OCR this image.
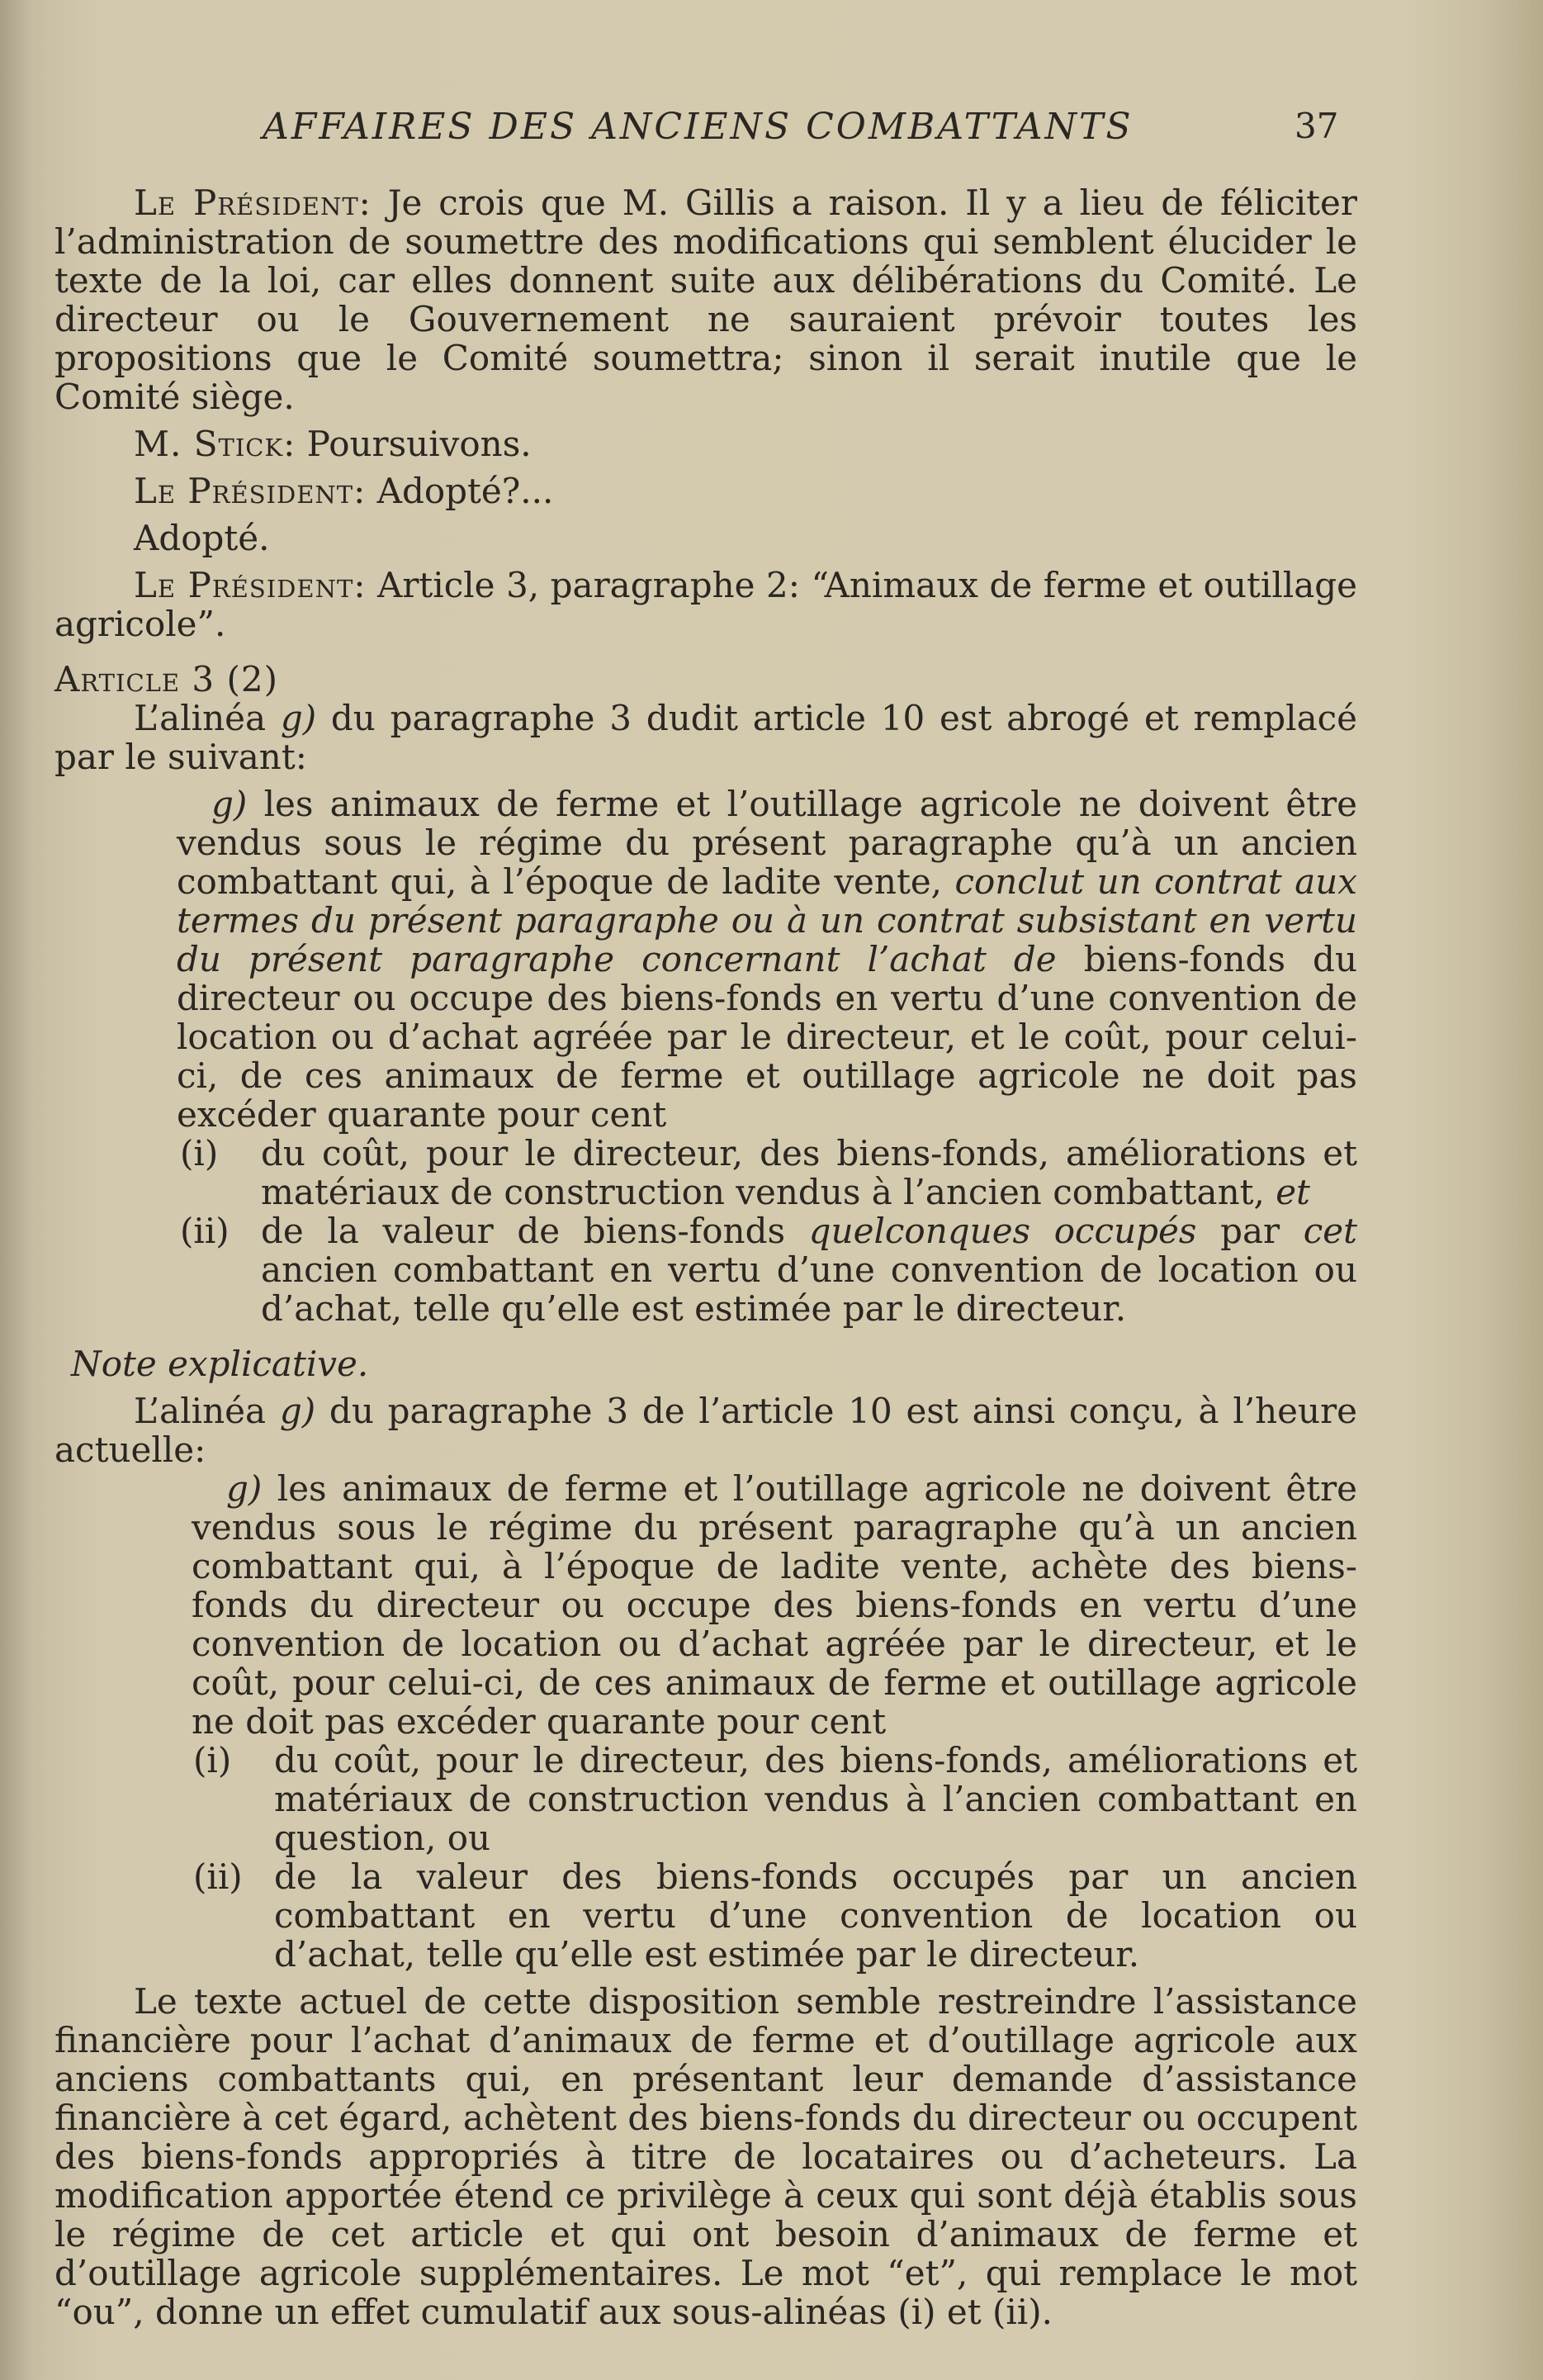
AFFAIRES DES ANCIENS COMBATTANTS	37

Le Président: Je crois que M. Gillis a raison. Il y a lieu de féliciter l’administration de soumettre des modifications qui semblent élucider le texte de la loi, car elles donnent suite aux délibérations du Comité. Le directeur ou le Gouvernement ne sauraient prévoir toutes les propositions que le Comité soumettra; sinon il serait inutile que le Comité siège.

M. Stick: Poursuivons.

Le Président: Adopté?...

Adopté.

Le Président: Article 3, paragraphe 2: “Animaux de ferme et outillage agricole”.

Article 3 (2)

L’alinéa g) du paragraphe 3 dudit article 10 est abrogé et remplacé par le suivant:

g) les animaux de ferme et l’outillage agricole ne doivent être vendus sous le régime du présent paragraphe qu’à un ancien combattant qui, à l’époque de ladite vente, conclut un contrat aux termes du présent paragraphe ou à un contrat subsistant en vertu du présent paragraphe concernant l’achat de biens-fonds du directeur ou occupe des biens-fonds en vertu d’une convention de location ou d’achat agréée par le directeur, et le coût, pour celui-ci, de ces animaux de ferme et outillage agricole ne doit pas excéder quarante pour cent

(i)	du coût, pour le directeur, des biens-fonds, améliorations et matériaux de construction vendus à l’ancien combattant, et
(ii) de la valeur de biens-fonds quelconques occupés par cet ancien combattant en vertu d’une convention de location ou d’achat, telle qu’elle est estimée par le directeur.

Note explicative.

L’alinéa g) du paragraphe 3 de l’article 10 est ainsi conçu, à l’heure actuelle:

g) les animaux de ferme et l’outillage agricole ne doivent être vendus sous le régime du présent paragraphe qu’à un ancien combattant qui, à l’époque de ladite vente, achète des biens-fonds du directeur ou occupe des biens-fonds en vertu d’une convention de location ou d’achat agréée par le directeur, et le coût, pour celui-ci, de ces animaux de ferme et outillage agricole ne doit pas excéder quarante pour cent

(i)	du coût, pour le directeur, des biens-fonds, améliorations et matériaux de construction vendus à l’ancien combattant en question, ou
(ii) de la valeur des biens-fonds occupés par un ancien combattant en vertu d’une convention de location ou d’achat, telle qu’elle est estimée par le directeur.

Le texte actuel de cette disposition semble restreindre l’assistance financière pour l’achat d’animaux de ferme et d’outillage agricole aux anciens combattants qui, en présentant leur demande d’assistance financière à cet égard, achètent des biens-fonds du directeur ou occupent des biens-fonds appropriés à titre de locataires ou d’acheteurs. La modification apportée étend ce privilège à ceux qui sont déjà établis sous le régime de cet article et qui ont besoin d’animaux de ferme et d’outillage agricole supplémentaires. Le mot “et”, qui remplace le mot “ou”, donne un effet cumulatif aux sous-alinéas (i) et (ii).
